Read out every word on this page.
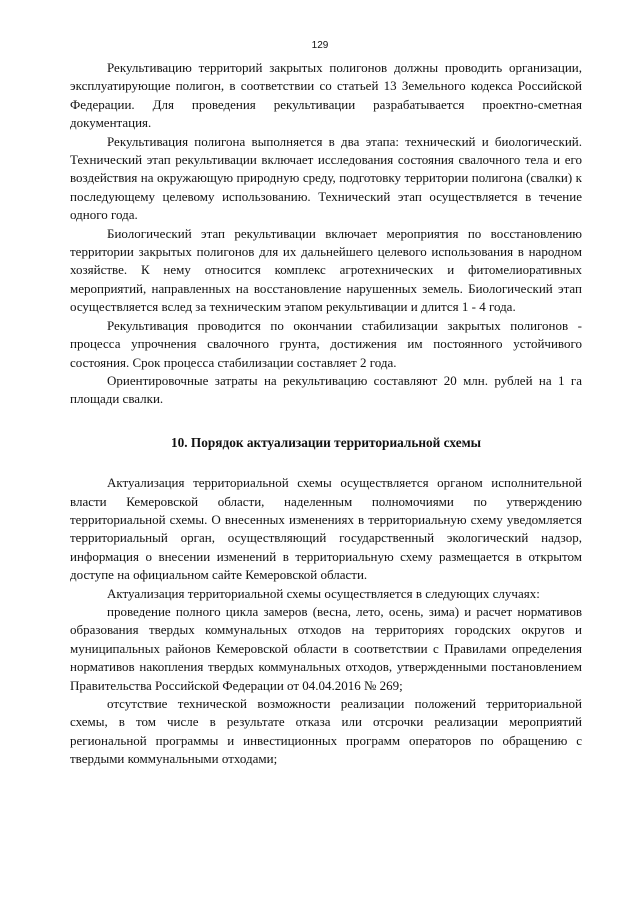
129

Рекультивацию территорий закрытых полигонов должны проводить организации, эксплуатирующие полигон, в соответствии со статьей 13 Земельного кодекса Российской Федерации. Для проведения рекультивации разрабатывается проектно-сметная документация.

Рекультивация полигона выполняется в два этапа: технический и биологический. Технический этап рекультивации включает исследования состояния свалочного тела и его воздействия на окружающую природную среду, подготовку территории полигона (свалки) к последующему целевому использованию. Технический этап осуществляется в течение одного года.

Биологический этап рекультивации включает мероприятия по восстановлению территории закрытых полигонов для их дальнейшего целевого использования в народном хозяйстве. К нему относится комплекс агротехнических и фитомелиоративных мероприятий, направленных на восстановление нарушенных земель. Биологический этап осуществляется вслед за техническим этапом рекультивации и длится 1 - 4 года.

Рекультивация проводится по окончании стабилизации закрытых полигонов - процесса упрочнения свалочного грунта, достижения им постоянного устойчивого состояния. Срок процесса стабилизации составляет 2 года.

Ориентировочные затраты на рекультивацию составляют 20 млн. рублей на 1 га площади свалки.

10. Порядок актуализации территориальной схемы

Актуализация территориальной схемы осуществляется органом исполнительной власти Кемеровской области, наделенным полномочиями по утверждению территориальной схемы. О внесенных изменениях в территориальную схему уведомляется территориальный орган, осуществляющий государственный экологический надзор, информация о внесении изменений в территориальную схему размещается в открытом доступе на официальном сайте Кемеровской области.

Актуализация территориальной схемы осуществляется в следующих случаях:

проведение полного цикла замеров (весна, лето, осень, зима) и расчет нормативов образования твердых коммунальных отходов на территориях городских округов и муниципальных районов Кемеровской области в соответствии с Правилами определения нормативов накопления твердых коммунальных отходов, утвержденными постановлением Правительства Российской Федерации от 04.04.2016 № 269;

отсутствие технической возможности реализации положений территориальной схемы, в том числе в результате отказа или отсрочки реализации мероприятий региональной программы и инвестиционных программ операторов по обращению с твердыми коммунальными отходами;
